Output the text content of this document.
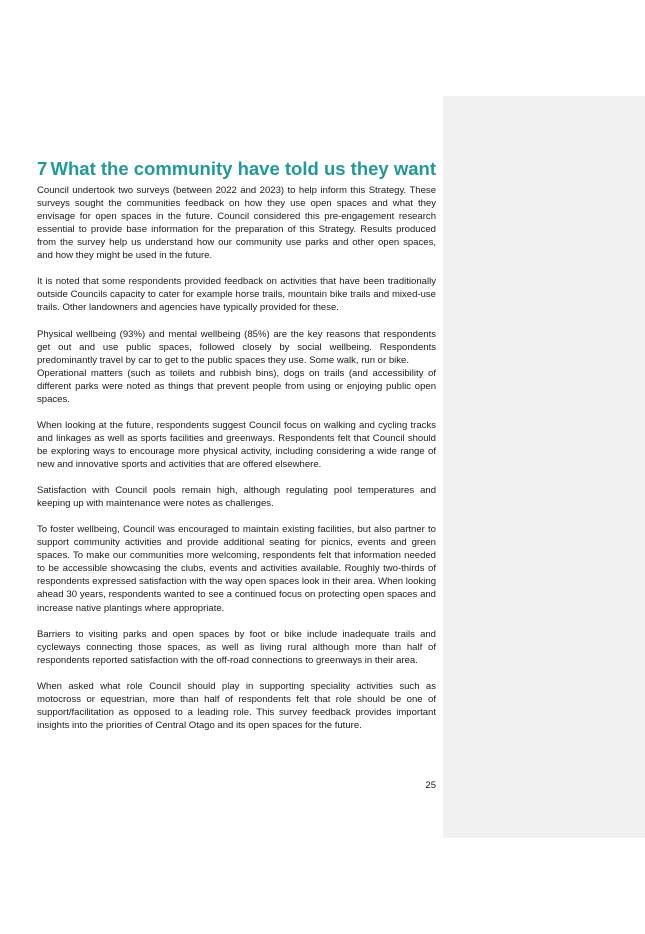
7 What the community have told us they want

Council undertook two surveys (between 2022 and 2023) to help inform this Strategy. These surveys sought the communities feedback on how they use open spaces and what they envisage for open spaces in the future. Council considered this pre-engagement research essential to provide base information for the preparation of this Strategy. Results produced from the survey help us understand how our community use parks and other open spaces, and how they might be used in the future.

It is noted that some respondents provided feedback on activities that have been traditionally outside Councils capacity to cater for example horse trails, mountain bike trails and mixed-use trails. Other landowners and agencies have typically provided for these.

Physical wellbeing (93%) and mental wellbeing (85%) are the key reasons that respondents get out and use public spaces, followed closely by social wellbeing. Respondents predominantly travel by car to get to the public spaces they use. Some walk, run or bike.

Operational matters (such as toilets and rubbish bins), dogs on trails (and accessibility of different parks were noted as things that prevent people from using or enjoying public open spaces.

When looking at the future, respondents suggest Council focus on walking and cycling tracks and linkages as well as sports facilities and greenways. Respondents felt that Council should be exploring ways to encourage more physical activity, including considering a wide range of new and innovative sports and activities that are offered elsewhere.

Satisfaction with Council pools remain high, although regulating pool temperatures and keeping up with maintenance were notes as challenges.

To foster wellbeing, Council was encouraged to maintain existing facilities, but also partner to support community activities and provide additional seating for picnics, events and green spaces. To make our communities more welcoming, respondents felt that information needed to be accessible showcasing the clubs, events and activities available. Roughly two-thirds of respondents expressed satisfaction with the way open spaces look in their area. When looking ahead 30 years, respondents wanted to see a continued focus on protecting open spaces and increase native plantings where appropriate.

Barriers to visiting parks and open spaces by foot or bike include inadequate trails and cycleways connecting those spaces, as well as living rural although more than half of respondents reported satisfaction with the off-road connections to greenways in their area.

When asked what role Council should play in supporting speciality activities such as motocross or equestrian, more than half of respondents felt that role should be one of support/facilitation as opposed to a leading role. This survey feedback provides important insights into the priorities of Central Otago and its open spaces for the future.

25
